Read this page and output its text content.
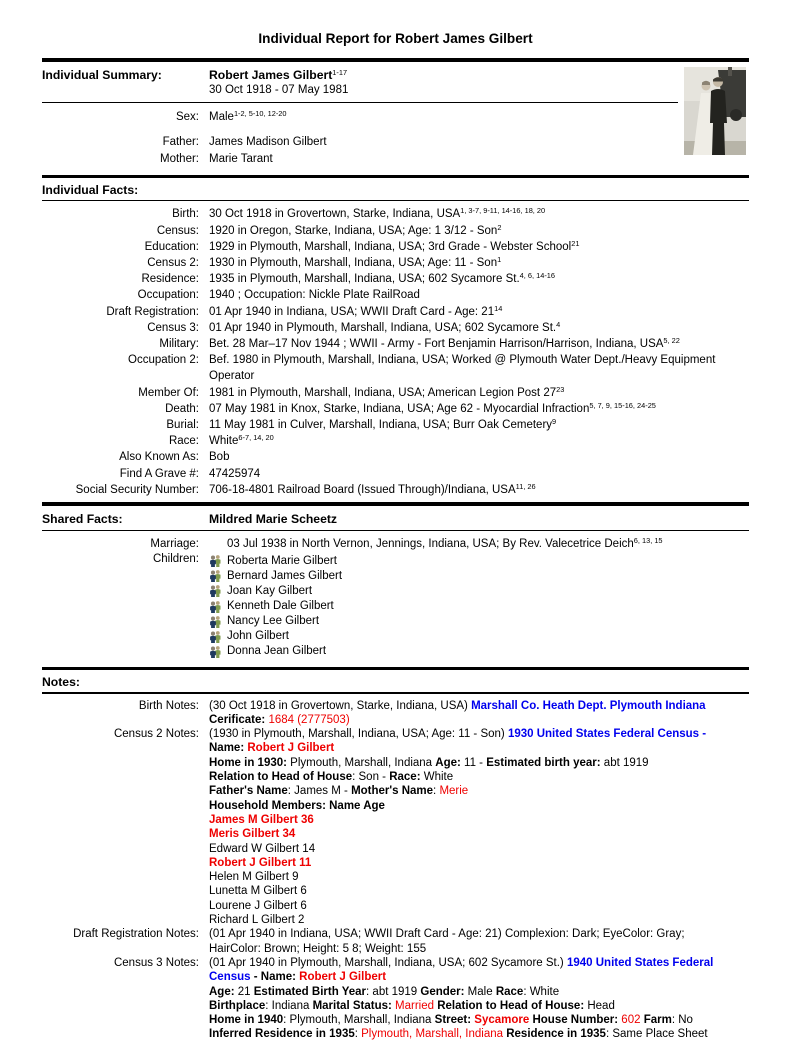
Individual Report for Robert James Gilbert
Individual Summary:	Robert James Gilbert$^{1-17}$
30 Oct 1918 - 07 May 1981
Sex: Male$^{1-2, 5-10, 12-20}$
Father: James Madison Gilbert
Mother: Marie Tarant
Individual Facts:
Birth: 30 Oct 1918 in Grovertown, Starke, Indiana, USA$^{1, 3-7, 9-11, 14-16, 18, 20}$
Census: 1920 in Oregon, Starke, Indiana, USA; Age: 1 3/12 - Son$^2$
Education: 1929 in Plymouth, Marshall, Indiana, USA; 3rd Grade - Webster School$^{21}$
Census 2: 1930 in Plymouth, Marshall, Indiana, USA; Age: 11 - Son$^1$
Residence: 1935 in Plymouth, Marshall, Indiana, USA; 602 Sycamore St.$^{4, 6, 14-16}$
Occupation: 1940 ; Occupation: Nickle Plate RailRoad
Draft Registration: 01 Apr 1940 in Indiana, USA; WWII Draft Card - Age: $21^{14}$
Census 3: 01 Apr 1940 in Plymouth, Marshall, Indiana, USA; 602 Sycamore St.$^4$
Military: Bet. 28 Mar–17 Nov 1944 ; WWII - Army - Fort Benjamin Harrison/Harrison, Indiana, USA$^{5, 22}$
Occupation 2: Bef. 1980 in Plymouth, Marshall, Indiana, USA; Worked @ Plymouth Water Dept./Heavy Equipment
Operator
Member Of: 1981 in Plymouth, Marshall, Indiana, USA; American Legion Post $27^{23}$
Death: 07 May 1981 in Knox, Starke, Indiana, USA; Age 62 - Myocardial Infraction$^{5, 7, 9, 15-16, 24-25}$
Burial: 11 May 1981 in Culver, Marshall, Indiana, USA; Burr Oak Cemetery$^9$
Race: White$^{6-7, 14, 20}$
Also Known As: Bob
Find A Grave #: 47425974
Social Security Number: 706-18-4801 Railroad Board (Issued Through)/Indiana, USA$^{11, 26}$
Shared Facts:	Mildred Marie Scheetz
Marriage:	03 Jul 1938 in North Vernon, Jennings, Indiana, USA; By Rev. Valecetrice Deich$^{6, 13, 15}$
Children:	Roberta Marie Gilbert
Bernard James Gilbert
Joan Kay Gilbert
Kenneth Dale Gilbert
Nancy Lee Gilbert
John Gilbert
Donna Jean Gilbert
Notes:
Birth Notes: (30 Oct 1918 in Grovertown, Starke, Indiana, USA) Marshall Co. Heath Dept. Plymouth Indiana
Cerificate: 1684 (2777503)
Census 2 Notes: (1930 in Plymouth, Marshall, Indiana, USA; Age: 11 - Son) 1930 United States Federal Census -
Name: Robert J Gilbert
Home in 1930: Plymouth, Marshall, Indiana Age: 11 - Estimated birth year: abt 1919
Relation to Head of House: Son - Race: White
Father's Name: James M - Mother's Name: Merie
Household Members: Name Age
James M Gilbert 36
Meris Gilbert 34
Edward W Gilbert 14
Robert J Gilbert 11
Helen M Gilbert 9
Lunetta M Gilbert 6
Lourene J Gilbert 6
Richard L Gilbert 2
Draft Registration Notes: (01 Apr 1940 in Indiana, USA; WWII Draft Card - Age: 21) Complexion: Dark; EyeColor: Gray;
HairColor: Brown; Height: 5 8; Weight: 155
Census 3 Notes: (01 Apr 1940 in Plymouth, Marshall, Indiana, USA; 602 Sycamore St.) 1940 United States Federal
Census - Name: Robert J Gilbert
Age: 21 Estimated Birth Year: abt 1919 Gender: Male Race: White
Birthplace: Indiana Marital Status: Married Relation to Head of House: Head
Home in 1940: Plymouth, Marshall, Indiana Street: Sycamore House Number: 602 Farm: No
Inferred Residence in 1935: Plymouth, Marshall, Indiana Residence in 1935: Same Place Sheet
